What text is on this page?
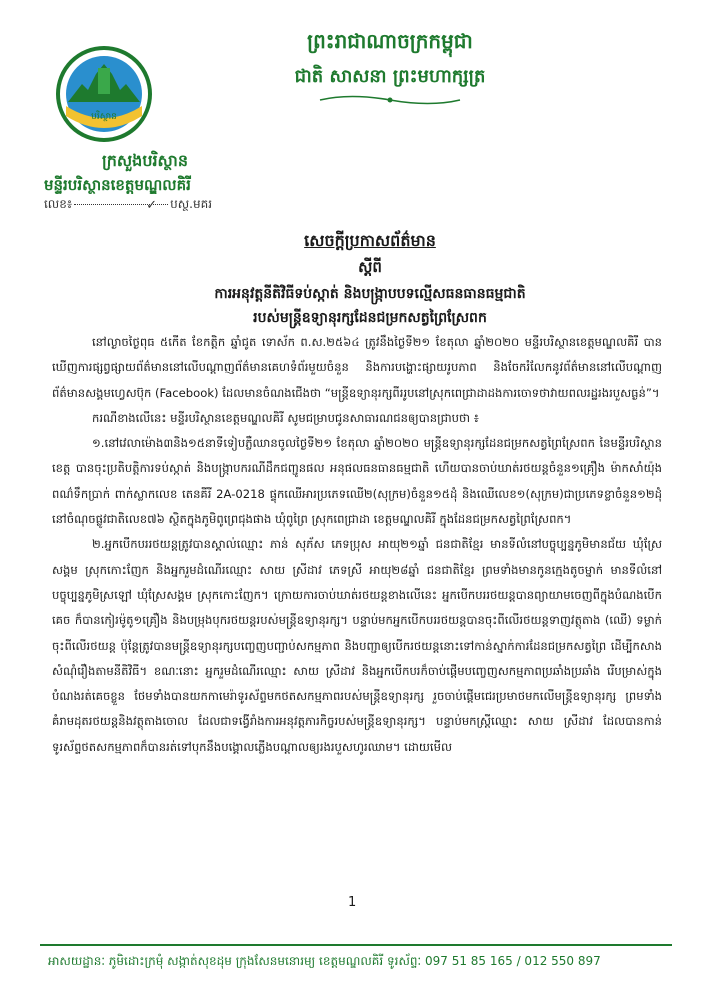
ព្រះរាជាណាចក្រកម្ពុជា
ជាតិ សាសនា ព្រះមហាក្សត្រ
បរិស្ថាន
ក្រសួងបរិស្ថាន
មន្ទីរបរិស្ថានខេត្តមណ្ឌលគិរី
លេខ៖	✓ បស្ថ.មគរ
សេចក្ដីប្រកាសព័ត៌មាន
ស្ដីពី
ការអនុវត្តនីតិវិធីទប់ស្កាត់ និងបង្ក្រាបបទល្មើសធនធានធម្មជាតិ
របស់មន្ត្រីឧទ្យានុរក្សដែនជម្រកសត្វព្រៃស្រែពក

នៅល្ងាចថ្ងៃពុធ ៥កើត ខែកត្តិក ឆ្នាំជូត ទោស័ក ព.ស.២៥៦៤ ត្រូវនឹងថ្ងៃទី២១ ខែតុលា ឆ្នាំ២០២០ មន្ទីរបរិស្ថានខេត្តមណ្ឌលគិរី បានឃើញការផ្សព្វផ្សាយព័ត៌មាននៅលើបណ្ដាញព័ត៌មានគេហទំព័រមួយចំនួន និងការបង្ហោះផ្សាយរូបភាព និងចែករំលែកនូវព័ត៌មាននៅលើបណ្ដាញព័ត៌មានសង្គមហ្វេសប៊ុក (Facebook) ដែលមានចំណងជើងថា “មន្ត្រីឧទ្យានុរក្សពីររូបនៅស្រុកពេជ្រាដាដងការចោទថាវាយពលរដ្ឋរងរបួសធ្ងន់”។

ករណីខាងលើនេះ មន្ទីរបរិស្ថានខេត្តមណ្ឌលគិរី សូមជម្រាបជូនសាធារណជនឲ្យបានជ្រាបថា ៖

១.នៅវេលាម៉ោង៣និង១៥នាទីទៀបភ្លឺឈានចូលថ្ងៃទី២១ ខែតុលា ឆ្នាំ២០២០ មន្ត្រីឧទ្យានុរក្សដែនជម្រកសត្វព្រៃស្រែពក នៃមន្ទីរបរិស្ថានខេត្ត បានចុះប្រតិបត្តិការទប់ស្កាត់ និងបង្ក្រាបករណីដឹកជញ្ជូនផល អនុផលធនធានធម្មជាតិ ហើយបានចាប់ឃាត់រថយន្តចំនួន១គ្រឿង ម៉ាកសាំយ៉ុង ពណ៌ទឹកប្រាក់ ពាក់ស្លាកលេខ តេនគីរី 2A-0218 ផ្ទុកឈើអារប្រភេទឈើ២(សុក្រម)ចំនួន១៥ដុំ និងឈើលេខ១(សុក្រម)ជាប្រភេទខ្លាចំនួន១២ដុំ នៅចំណុចផ្លូវជាតិលេខ៧៦ ស្ថិតក្នុងភូមិពូព្រេជុងផាង ឃុំពូព្រៃ ស្រុកពេជ្រាដា ខេត្តមណ្ឌលគិរី ក្នុងដែនជម្រកសត្វព្រៃស្រែពក។

២.អ្នកបើកបររថយន្តត្រូវបានស្គាល់ឈ្មោះ ភាន់ សុភ័ស ភេទប្រុស អាយុ២១ឆ្នាំ ជនជាតិខ្មែរ មានទីលំនៅបច្ចុប្បន្នភូមិមានជ័យ ឃុំស្រែសង្គម ស្រុកកោះញែក និងអ្នករួមដំណើរឈ្មោះ សាយ ស្រីដាវ ភេទស្រី អាយុ២៨ឆ្នាំ ជនជាតិខ្មែរ ព្រមទាំងមានកូនក្មេងតូចម្នាក់ មានទីលំនៅបច្ចុប្បន្នភូមិស្រឡៅ ឃុំស្រែសង្គម ស្រុកកោះញែក។ ក្រោយការចាប់ឃាត់រថយន្តខាងលើនេះ អ្នកបើកបររថយន្តបានព្យាយាមចេញពីក្នុងបំណងបើកគេច ក៏បានកៀរម៉ូតូ១គ្រឿង និងបម្រុងបុករថយន្តរបស់មន្ត្រីឧទ្យានុរក្ស។ បន្ទាប់មកអ្នកបើកបររថយន្តបានចុះពីលើរថយន្តទាញវត្ថុតាង (ឈើ) ទម្លាក់ចុះពីលើរថយន្ត ប៉ុន្តែត្រូវបានមន្ត្រីឧទ្យានុរក្សបញ្ចេញបញ្ជាប់សកម្មភាព និងបញ្ជាឲ្យបើករថយន្តនោះទៅកាន់ស្នាក់ការដែនជម្រកសត្វព្រៃ ដើម្បីកសាងសំណុំរឿងតាមនីតិវិធី។ ខណៈនោះ អ្នករួមដំណើរឈ្មោះ សាយ ស្រីដាវ និងអ្នកបើកបរក៏ចាប់ផ្ដើមបញ្ចេញសកម្មភាពប្រឆាំងប្រឆាំង រើបម្រាស់ក្នុងបំណងរត់គេចខ្លួន ថែមទាំងបានយកកាមេរ៉ាទូរស័ព្ទមកថតសកម្មភាពរបស់មន្ត្រីឧទ្យានុរក្ស រួចចាប់ផ្ដើមជេរប្រមាថមកលើមន្ត្រីឧទ្យានុរក្ស ព្រមទាំងគំរាមដុតរថយន្តនិងវត្ថុតាងចោល ដែលជាទង្វើរាំងការអនុវត្តភារកិច្ចរបស់មន្ត្រីឧទ្យានុរក្ស។ បន្ទាប់មកស្ត្រីឈ្មោះ សាយ ស្រីដាវ ដែលបានកាន់ទូរស័ព្ទថតសកម្មភាពក៏បានរត់ទៅបុកនឹងបង្គោលភ្លើងបណ្ដាលឲ្យរងរបួសហូរឈាម។ ដោយមើល

1
អាសយដ្ឋានៈ ភូមិដោះក្រមុំ សង្កាត់សុខដុម ក្រុងសែនមនោរម្យ ខេត្តមណ្ឌលគិរី ទូរស័ព្ទៈ 097 51 85 165 / 012 550 897
